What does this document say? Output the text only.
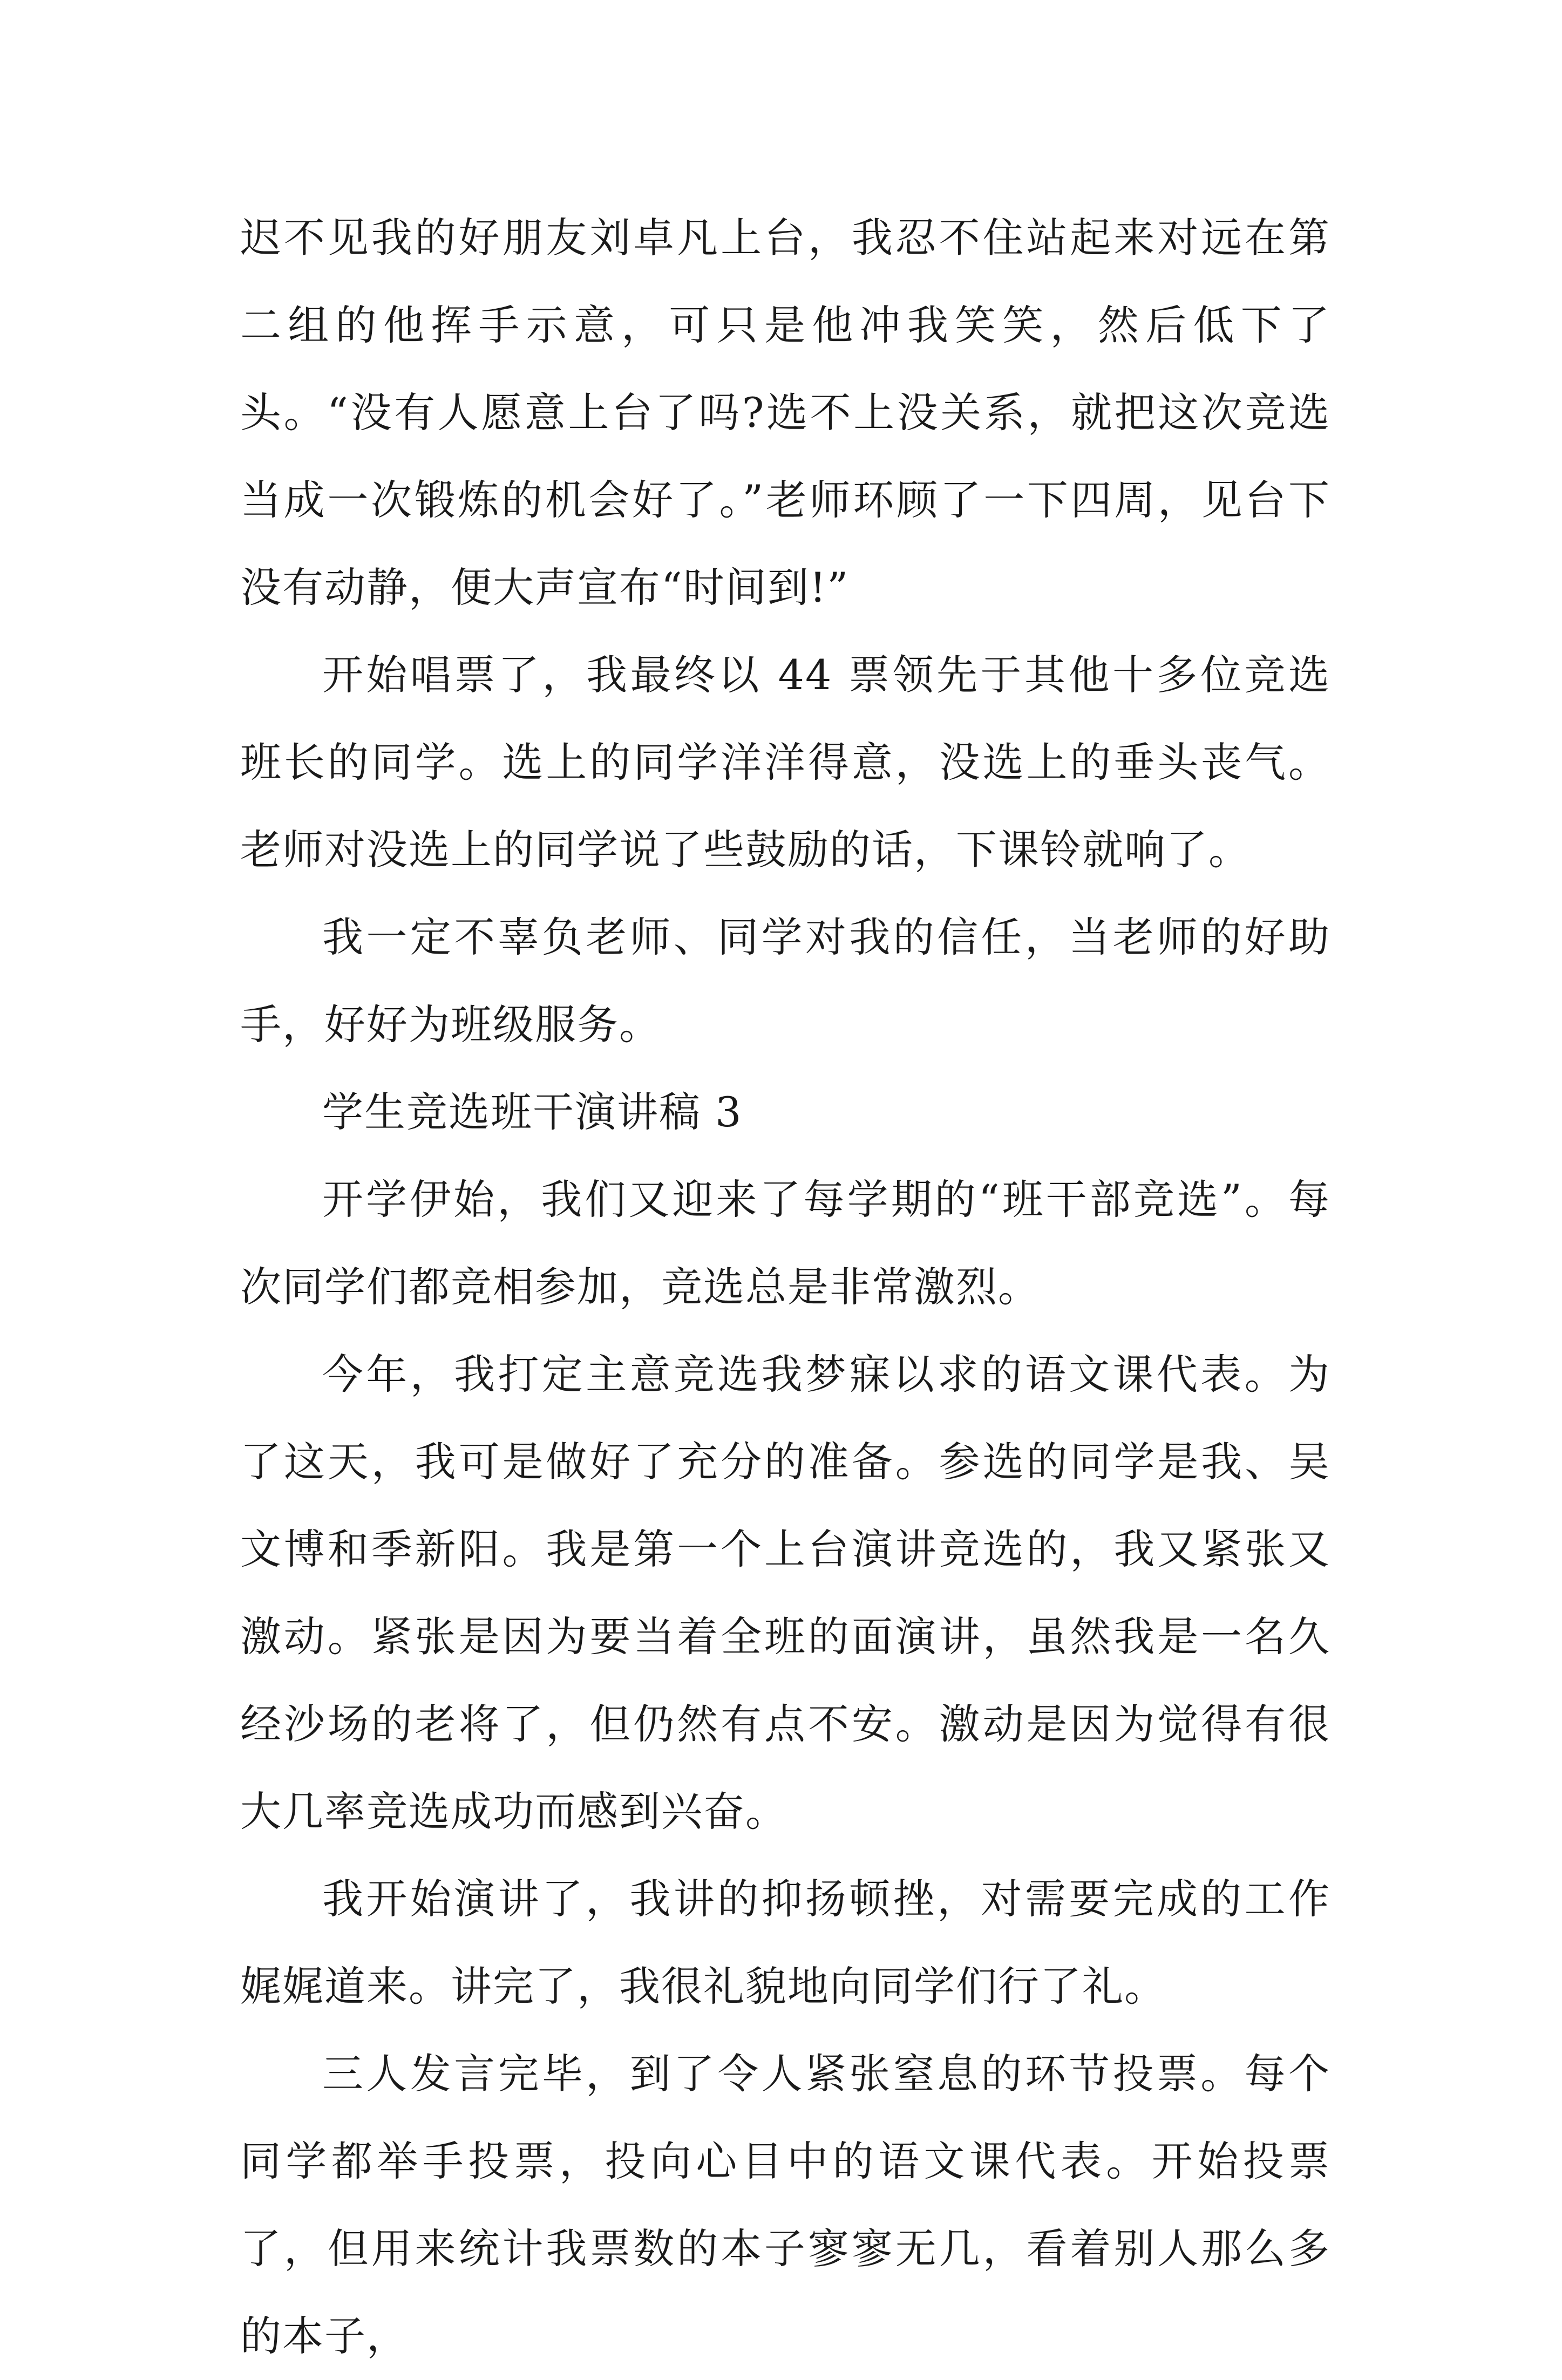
迟不见我的好朋友刘卓凡上台，我忍不住站起来对远在第二组的他挥手示意，可只是他冲我笑笑，然后低下了头。“没有人愿意上台了吗?选不上没关系，就把这次竞选当成一次锻炼的机会好了。”老师环顾了一下四周，见台下没有动静，便大声宣布“时间到!”

开始唱票了，我最终以 44 票领先于其他十多位竞选班长的同学。选上的同学洋洋得意，没选上的垂头丧气。老师对没选上的同学说了些鼓励的话，下课铃就响了。

我一定不辜负老师、同学对我的信任，当老师的好助手，好好为班级服务。

学生竞选班干演讲稿 3

开学伊始，我们又迎来了每学期的“班干部竞选”。每次同学们都竞相参加，竞选总是非常激烈。

今年，我打定主意竞选我梦寐以求的语文课代表。为了这天，我可是做好了充分的准备。参选的同学是我、吴文博和季新阳。我是第一个上台演讲竞选的，我又紧张又激动。紧张是因为要当着全班的面演讲，虽然我是一名久经沙场的老将了，但仍然有点不安。激动是因为觉得有很大几率竞选成功而感到兴奋。

我开始演讲了，我讲的抑扬顿挫，对需要完成的工作娓娓道来。讲完了，我很礼貌地向同学们行了礼。

三人发言完毕，到了令人紧张窒息的环节投票。每个同学都举手投票，投向心目中的语文课代表。开始投票了，但用来统计我票数的本子寥寥无几，看着别人那么多的本子，
